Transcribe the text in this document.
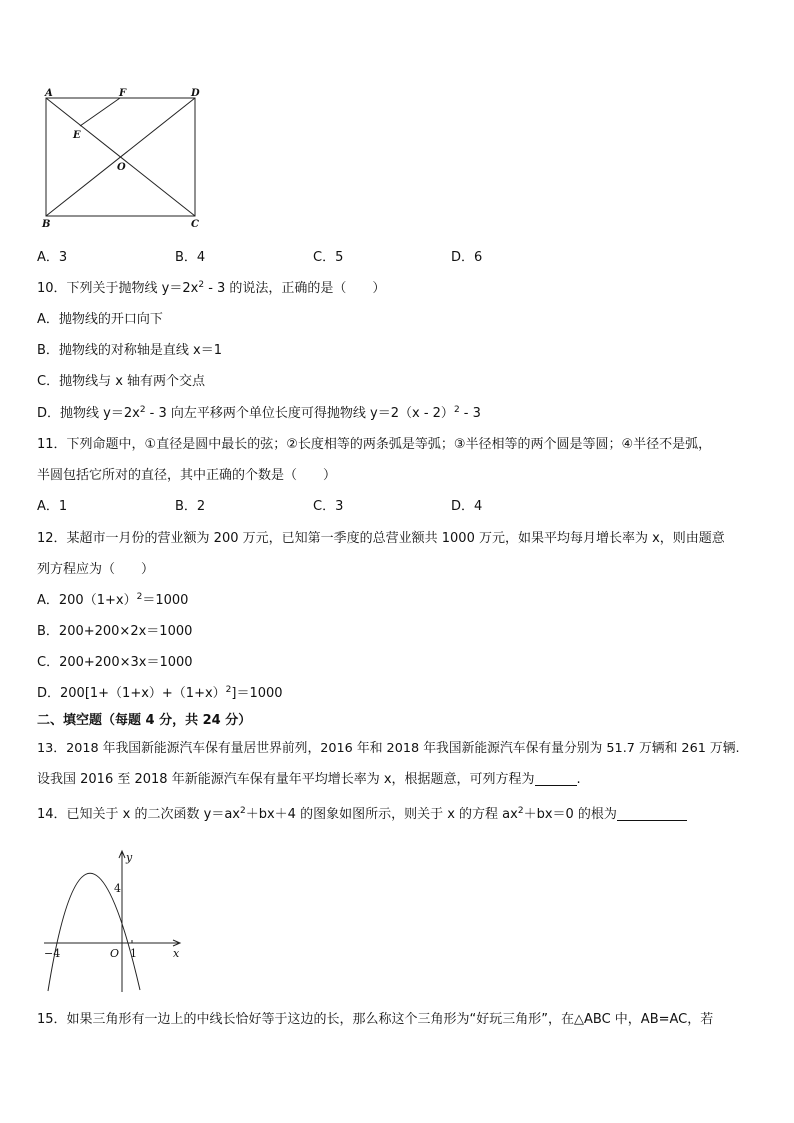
A	F	D
E
O
B	C
A．3	B．4	C．5	D．6
10．下列关于抛物线 $y=2x^2 - 3$ 的说法，正确的是（　　）
A．抛物线的开口向下
B．抛物线的对称轴是直线 x＝1
C．抛物线与 x 轴有两个交点
D．抛物线 $y=2x^2 - 3$ 向左平移两个单位长度可得抛物线 y＝2（x - 2）$^2$ - 3
11．下列命题中，①直径是圆中最长的弦；②长度相等的两条弧是等弧；③半径相等的两个圆是等圆；④半径不是弧，
半圆包括它所对的直径，其中正确的个数是（　　）
A．1	B．2	C．3	D．4
12．某超市一月份的营业额为 200 万元，已知第一季度的总营业额共 1000 万元，如果平均每月增长率为 x，则由题意
列方程应为（　　）
A．$200(1+x)^2=1000$
B．200+200×2x＝1000
C．200+200×3x＝1000
D．$200[1+(1+x)+(1+x)^2]=1000$
二、填空题（每题 4 分，共 24 分）
13．2018 年我国新能源汽车保有量居世界前列，2016 年和 2018 年我国新能源汽车保有量分别为 51.7 万辆和 261 万辆.
设我国 2016 至 2018 年新能源汽车保有量年平均增长率为 x，根据题意，可列方程为	.
14．已知关于 x 的二次函数 $y=ax^2+bx+4$ 的图象如图所示，则关于 x 的方程 $ax^2+bx=0$ 的根为
y
x
4
−4	O 1
15．如果三角形有一边上的中线长恰好等于这边的长，那么称这个三角形为“好玩三角形”，在△ABC 中，AB=AC，若
